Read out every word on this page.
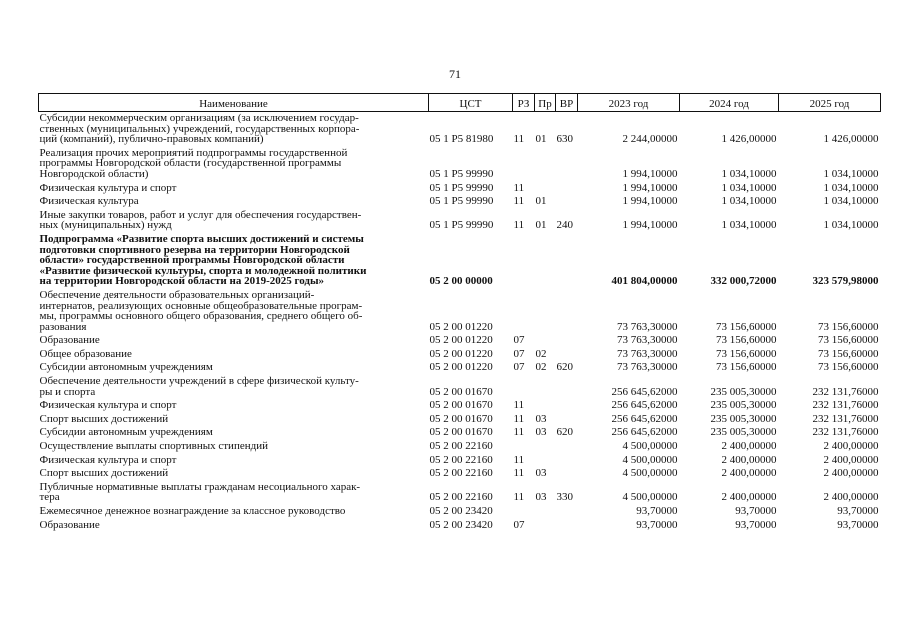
71
Наименование	ЦСТ	РЗ	Пр	ВР	2023 год	2024 год	2025 год
Субсидии некоммерческим организациям (за исключением государ-
ственных (муниципальных) учреждений, государственных корпора-
ций (компаний), публично-правовых компаний)	05 1 P5 81980	11	01	630	2 244,00000	1 426,00000	1 426,00000
Реализация прочих мероприятий подпрограммы государственной
программы Новгородской области (государственной программы
Новгородской области)	05 1 P5 99990				1 994,10000	1 034,10000	1 034,10000
Физическая культура и спорт	05 1 P5 99990	11			1 994,10000	1 034,10000	1 034,10000
Физическая культура	05 1 P5 99990	11	01		1 994,10000	1 034,10000	1 034,10000
Иные закупки товаров, работ и услуг для обеспечения государствен-
ных (муниципальных) нужд	05 1 P5 99990	11	01	240	1 994,10000	1 034,10000	1 034,10000
Подпрограмма «Развитие спорта высших достижений и системы
подготовки спортивного резерва на территории Новгородской
области» государственной программы Новгородской области
«Развитие физической культуры, спорта и молодежной политики
на территории Новгородской области на 2019-2025 годы»	05 2 00 00000				401 804,00000	332 000,72000	323 579,98000
Обеспечение деятельности образовательных организаций-
интернатов, реализующих основные общеобразовательные програм-
мы, программы основного общего образования, среднего общего об-
разования	05 2 00 01220				73 763,30000	73 156,60000	73 156,60000
Образование	05 2 00 01220	07			73 763,30000	73 156,60000	73 156,60000
Общее образование	05 2 00 01220	07	02		73 763,30000	73 156,60000	73 156,60000
Субсидии автономным учреждениям	05 2 00 01220	07	02	620	73 763,30000	73 156,60000	73 156,60000
Обеспечение деятельности учреждений в сфере физической культу-
ры и спорта	05 2 00 01670				256 645,62000	235 005,30000	232 131,76000
Физическая культура и спорт	05 2 00 01670	11			256 645,62000	235 005,30000	232 131,76000
Спорт высших достижений	05 2 00 01670	11	03		256 645,62000	235 005,30000	232 131,76000
Субсидии автономным учреждениям	05 2 00 01670	11	03	620	256 645,62000	235 005,30000	232 131,76000
Осуществление выплаты спортивных стипендий	05 2 00 22160				4 500,00000	2 400,00000	2 400,00000
Физическая культура и спорт	05 2 00 22160	11			4 500,00000	2 400,00000	2 400,00000
Спорт высших достижений	05 2 00 22160	11	03		4 500,00000	2 400,00000	2 400,00000
Публичные нормативные выплаты гражданам несоциального харак-
тера	05 2 00 22160	11	03	330	4 500,00000	2 400,00000	2 400,00000
Ежемесячное денежное вознаграждение за классное руководство	05 2 00 23420				93,70000	93,70000	93,70000
Образование	05 2 00 23420	07			93,70000	93,70000	93,70000
